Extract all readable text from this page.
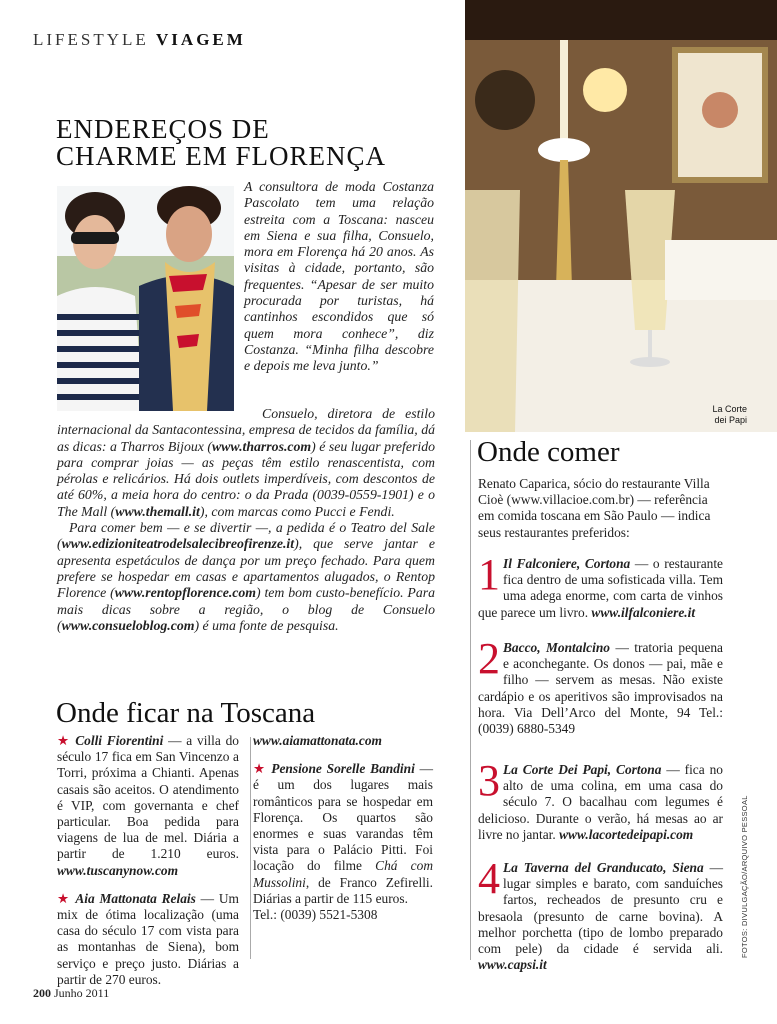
LIFESTYLE VIAGEM
ENDEREÇOS DE
CHARME EM FLORENÇA

A consultora de moda Costanza Pascolato tem uma relação estreita com a Toscana: nasceu em Siena e sua filha, Consuelo, mora em Florença há 20 anos. As visitas à cidade, portanto, são frequentes. “Apesar de ser muito procurada por turistas, há cantinhos escondidos que só quem mora conhece”, diz Costanza. “Minha filha descobre e depois me leva junto.”

Consuelo, diretora de estilo internacional da Santacontessina, empresa de tecidos da família, dá as dicas: a Tharros Bijoux (www.tharros.com) é seu lugar preferido para comprar joias — as peças têm estilo renascentista, com pérolas e relicários. Há dois outlets imperdíveis, com descontos de até 60%, a meia hora do centro: o da Prada (0039-0559-1901) e o The Mall (www.themall.it), com marcas como Pucci e Fendi.

Para comer bem — e se divertir —, a pedida é o Teatro del Sale (www.edizioniteatrodelsalecibreofirenze.it), que serve jantar e apresenta espetáculos de dança por um preço fechado. Para quem prefere se hospedar em casas e apartamentos alugados, o Rentop Florence (www.rentopflorence.com) tem bom custo-benefício. Para mais dicas sobre a região, o blog de Consuelo (www.consueloblog.com) é uma fonte de pesquisa.

Onde ficar na Toscana

★ Colli Fiorentini — a villa do século 17 fica em San Vincenzo a Torri, próxima a Chianti. Apenas casais são aceitos. O atendimento é VIP, com governanta e chef particular. Boa pedida para viagens de lua de mel. Diária a partir de 1.210 euros. www.tuscanynow.com

★ Aia Mattonata Relais — Um mix de ótima localização (uma casa do século 17 com vista para as montanhas de Siena), bom serviço e preço justo. Diárias a partir de 270 euros.

www.aiamattonata.com

★ Pensione Sorelle Bandini — é um dos lugares mais românticos para se hospedar em Florença. Os quartos são enormes e suas varandas têm vista para o Palácio Pitti. Foi locação do filme Chá com Mussolini, de Franco Zefirelli. Diárias a partir de 115 euros.
Tel.: (0039) 5521-5308

La Corte
dei Papi
Onde comer

Renato Caparica, sócio do restaurante Villa Cioè (www.villacioe.com.br) — referência em comida toscana em São Paulo — indica seus restaurantes preferidos:

1 Il Falconiere, Cortona — o restaurante fica dentro de uma sofisticada villa. Tem uma adega enorme, com carta de vinhos que parece um livro. www.ilfalconiere.it
2 Bacco, Montalcino — tratoria pequena e aconchegante. Os donos — pai, mãe e filho — servem as mesas. Não existe cardápio e os aperitivos são improvisados na hora. Via Dell’Arco del Monte, 94 Tel.: (0039) 6880-5349
3 La Corte Dei Papi, Cortona — fica no alto de uma colina, em uma casa do século 7. O bacalhau com legumes é delicioso. Durante o verão, há mesas ao ar livre no jantar. www.lacortedeipapi.com
4 La Taverna del Granducato, Siena — lugar simples e barato, com sanduíches fartos, recheados de presunto cru e bresaola (presunto de carne bovina). A melhor porchetta (tipo de lombo preparado com pele) da cidade é servida ali. www.capsi.it
FOTOS: DIVULGAÇÃO/ARQUIVO PESSOAL
200 Junho 2011
